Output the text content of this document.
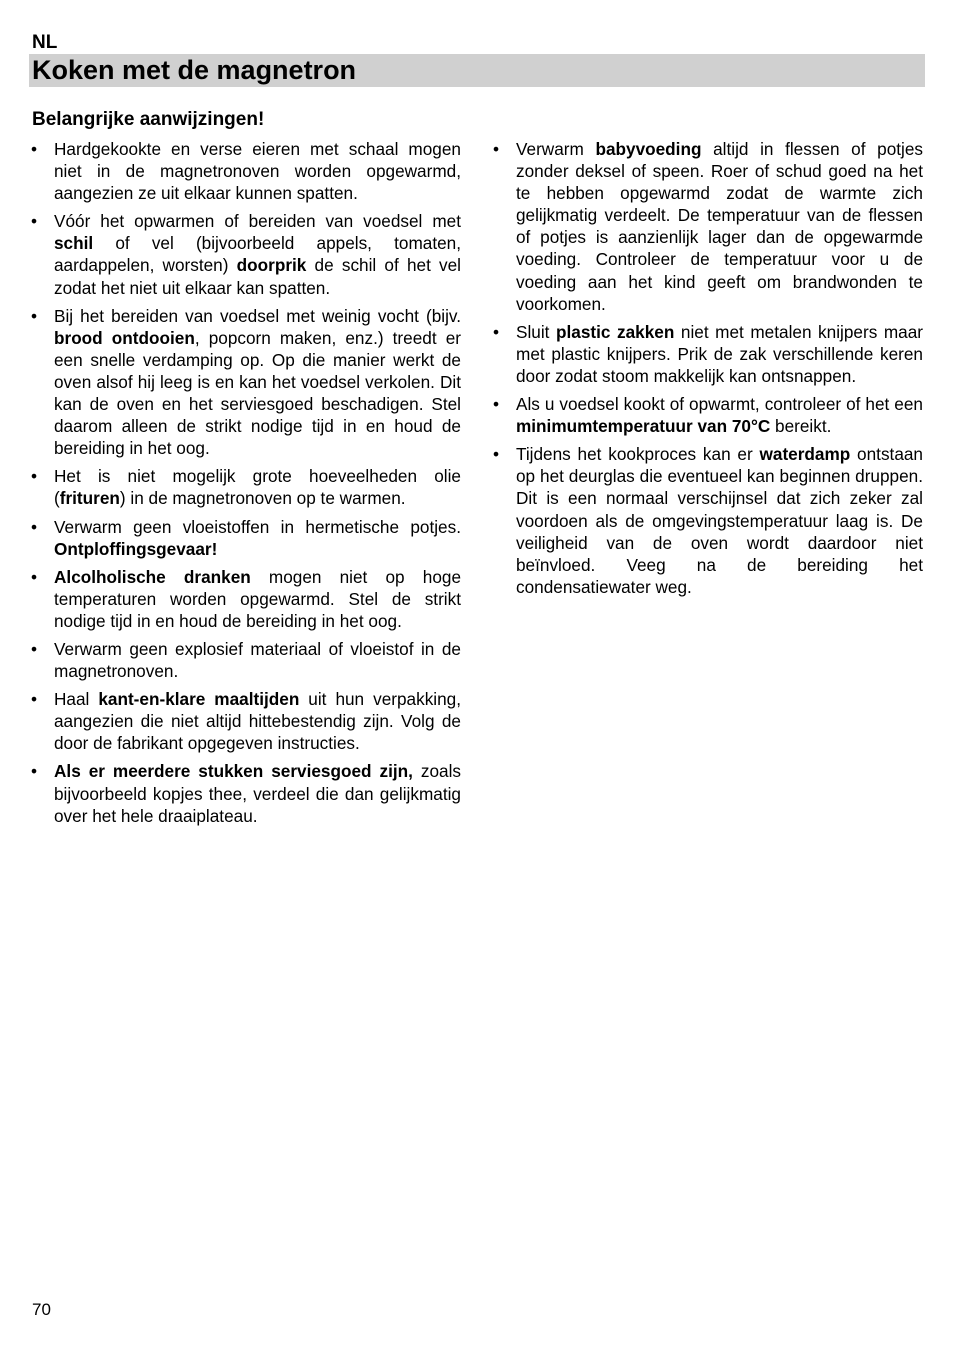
NL
Koken met de magnetron
Belangrijke aanwijzingen!
• Hardgekookte en verse eieren met schaal mogen niet in de magnetronoven worden opgewarmd, aangezien ze uit elkaar kunnen spatten.
• Vóór het opwarmen of bereiden van voedsel met schil of vel (bijvoorbeeld appels, tomaten, aardappelen, worsten) doorprik de schil of het vel zodat het niet uit elkaar kan spatten.
• Bij het bereiden van voedsel met weinig vocht (bijv. brood ontdooien, popcorn maken, enz.) treedt er een snelle verdamping op. Op die manier werkt de oven alsof hij leeg is en kan het voedsel verkolen. Dit kan de oven en het serviesgoed beschadigen. Stel daarom alleen de strikt nodige tijd in en houd de bereiding in het oog.
• Het is niet mogelijk grote hoeveelheden olie (frituren) in de magnetronoven op te warmen.
• Verwarm geen vloeistoffen in hermetische potjes. Ontploffingsgevaar!
• Alcolholische dranken mogen niet op hoge temperaturen worden opgewarmd. Stel de strikt nodige tijd in en houd de bereiding in het oog.
• Verwarm geen explosief materiaal of vloeistof in de magnetronoven.
• Haal kant-en-klare maaltijden uit hun verpakking, aangezien die niet altijd hittebestendig zijn. Volg de door de fabrikant opgegeven instructies.
• Als er meerdere stukken serviesgoed zijn, zoals bijvoorbeeld kopjes thee, verdeel die dan gelijkmatig over het hele draaiplateau.
• Verwarm babyvoeding altijd in flessen of potjes zonder deksel of speen. Roer of schud goed na het te hebben opgewarmd zodat de warmte zich gelijkmatig verdeelt. De temperatuur van de flessen of potjes is aanzienlijk lager dan de opgewarmde voeding. Controleer de temperatuur voor u de voeding aan het kind geeft om brandwonden te voorkomen.
• Sluit plastic zakken niet met metalen knijpers maar met plastic knijpers. Prik de zak verschillende keren door zodat stoom makkelijk kan ontsnappen.
• Als u voedsel kookt of opwarmt, controleer of het een minimumtemperatuur van 70°C bereikt.
• Tijdens het kookproces kan er waterdamp ontstaan op het deurglas die eventueel kan beginnen druppen. Dit is een normaal verschijnsel dat zich zeker zal voordoen als de omgevingstemperatuur laag is. De veiligheid van de oven wordt daardoor niet beïnvloed. Veeg na de bereiding het condensatiewater weg.
70
